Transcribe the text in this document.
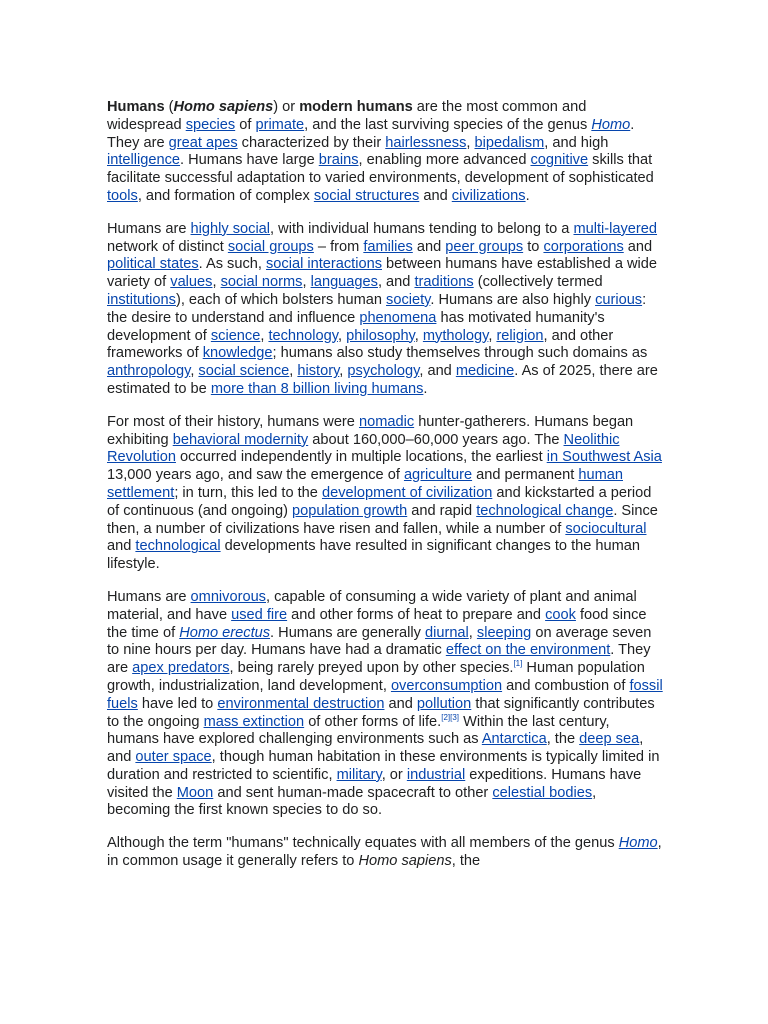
Humans (Homo sapiens) or modern humans are the most common and widespread species of primate, and the last surviving species of the genus Homo. They are great apes characterized by their hairlessness, bipedalism, and high intelligence. Humans have large brains, enabling more advanced cognitive skills that facilitate successful adaptation to varied environments, development of sophisticated tools, and formation of complex social structures and civilizations.

Humans are highly social, with individual humans tending to belong to a multi-layered network of distinct social groups – from families and peer groups to corporations and political states. As such, social interactions between humans have established a wide variety of values, social norms, languages, and traditions (collectively termed institutions), each of which bolsters human society. Humans are also highly curious: the desire to understand and influence phenomena has motivated humanity's development of science, technology, philosophy, mythology, religion, and other frameworks of knowledge; humans also study themselves through such domains as anthropology, social science, history, psychology, and medicine. As of 2025, there are estimated to be more than 8 billion living humans.

For most of their history, humans were nomadic hunter-gatherers. Humans began exhibiting behavioral modernity about 160,000–60,000 years ago. The Neolithic Revolution occurred independently in multiple locations, the earliest in Southwest Asia 13,000 years ago, and saw the emergence of agriculture and permanent human settlement; in turn, this led to the development of civilization and kickstarted a period of continuous (and ongoing) population growth and rapid technological change. Since then, a number of civilizations have risen and fallen, while a number of sociocultural and technological developments have resulted in significant changes to the human lifestyle.

Humans are omnivorous, capable of consuming a wide variety of plant and animal material, and have used fire and other forms of heat to prepare and cook food since the time of Homo erectus. Humans are generally diurnal, sleeping on average seven to nine hours per day. Humans have had a dramatic effect on the environment. They are apex predators, being rarely preyed upon by other species.[1] Human population growth, industrialization, land development, overconsumption and combustion of fossil fuels have led to environmental destruction and pollution that significantly contributes to the ongoing mass extinction of other forms of life.[2][3] Within the last century, humans have explored challenging environments such as Antarctica, the deep sea, and outer space, though human habitation in these environments is typically limited in duration and restricted to scientific, military, or industrial expeditions. Humans have visited the Moon and sent human-made spacecraft to other celestial bodies, becoming the first known species to do so.

Although the term "humans" technically equates with all members of the genus Homo, in common usage it generally refers to Homo sapiens, the
